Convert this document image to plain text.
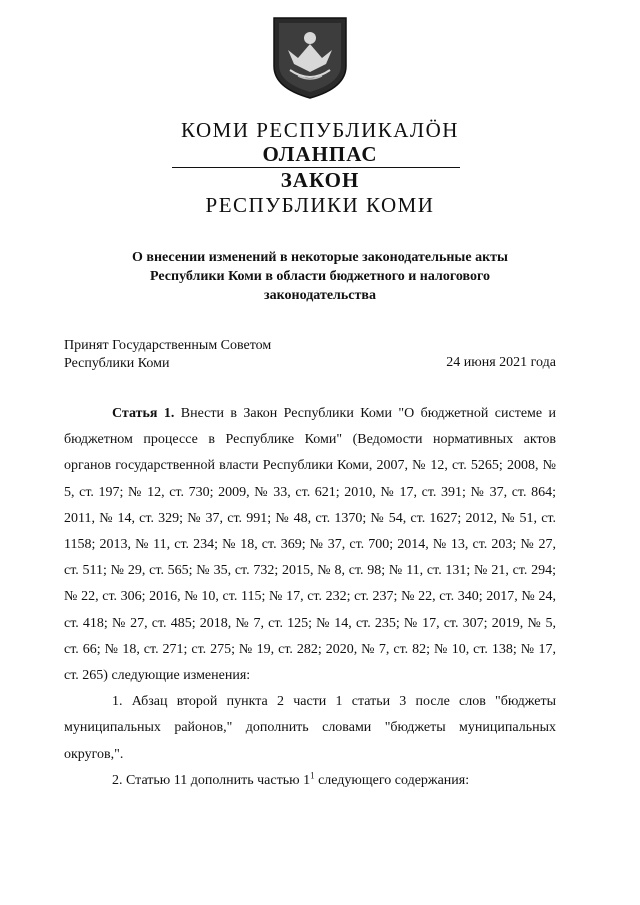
КОМИ РЕСПУБЛИКАЛӦН
ОЛАНПАС
ЗАКОН
РЕСПУБЛИКИ КОМИ
О внесении изменений в некоторые законодательные акты
Республики Коми в области бюджетного и налогового
законодательства
Принят Государственным Советом
Республики Коми	24 июня 2021 года

Статья 1. Внести в Закон Республики Коми "О бюджетной системе и бюджетном процессе в Республике Коми" (Ведомости нормативных актов органов государственной власти Республики Коми, 2007, № 12, ст. 5265; 2008, № 5, ст. 197; № 12, ст. 730; 2009, № 33, ст. 621; 2010, № 17, ст. 391; № 37, ст. 864; 2011, № 14, ст. 329; № 37, ст. 991; № 48, ст. 1370; № 54, ст. 1627; 2012, № 51, ст. 1158; 2013, № 11, ст. 234; № 18, ст. 369; № 37, ст. 700; 2014, № 13, ст. 203; № 27, ст. 511; № 29, ст. 565; № 35, ст. 732; 2015, № 8, ст. 98; № 11, ст. 131; № 21, ст. 294; № 22, ст. 306; 2016, № 10, ст. 115; № 17, ст. 232; ст. 237; № 22, ст. 340; 2017, № 24, ст. 418; № 27, ст. 485; 2018, № 7, ст. 125; № 14, ст. 235; № 17, ст. 307; 2019, № 5, ст. 66; № 18, ст. 271; ст. 275; № 19, ст. 282; 2020, № 7, ст. 82; № 10, ст. 138; № 17, ст. 265) следующие изменения:

1. Абзац второй пункта 2 части 1 статьи 3 после слов "бюджеты муниципальных районов," дополнить словами "бюджеты муниципальных округов,".

2. Статью 11 дополнить частью $1^1$ следующего содержания:
